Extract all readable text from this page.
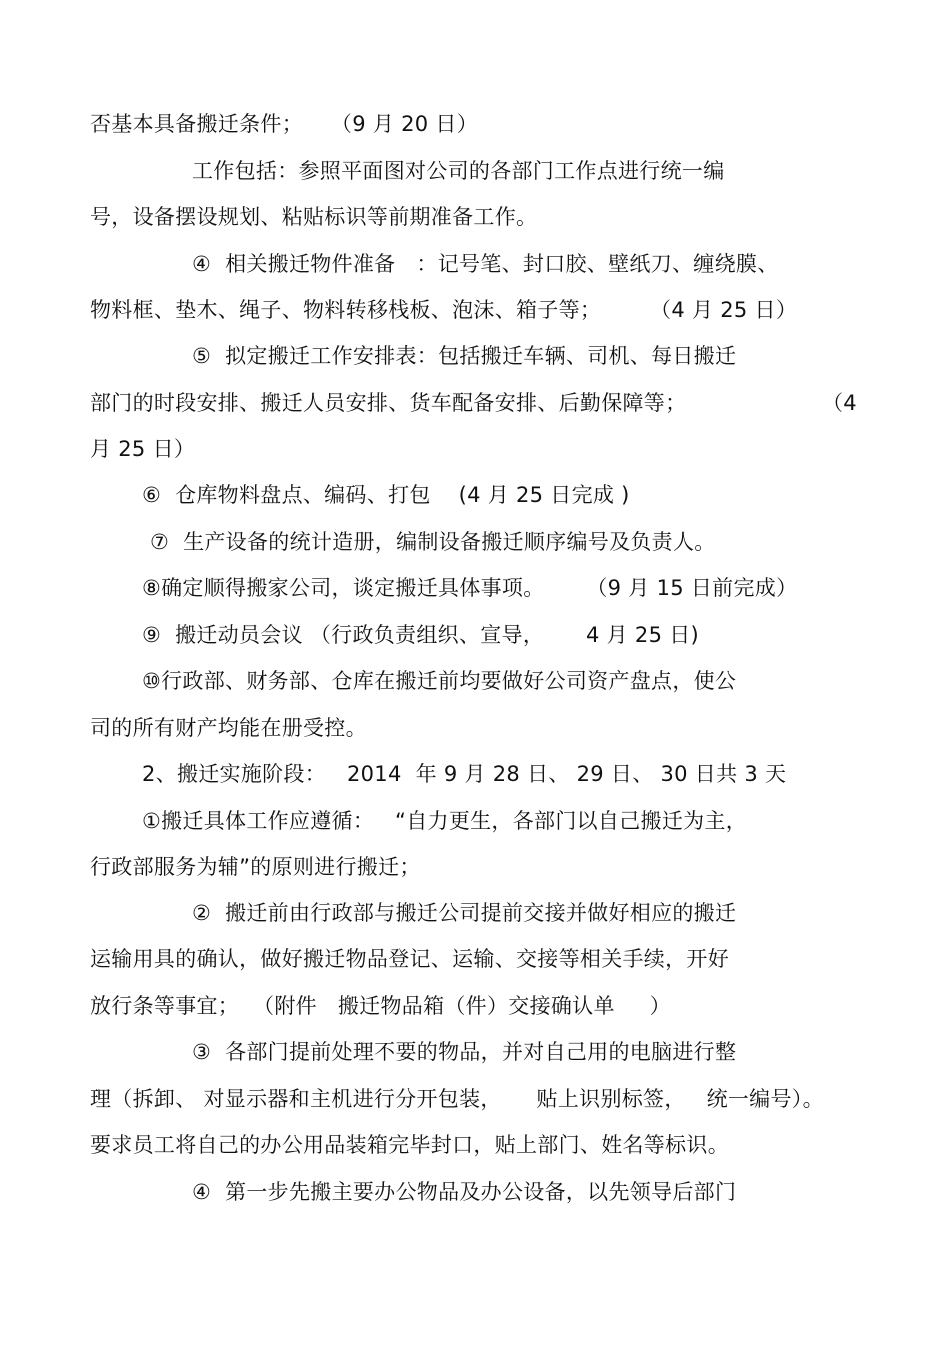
否基本具备搬迁条件；    （9 月 20 日）
工作包括：参照平面图对公司的各部门工作点进行统一编
号，设备摆设规划、粘贴标识等前期准备工作。
④  相关搬迁物件准备   ：记号笔、封口胶、壁纸刀、缠绕膜、
物料框、垫木、绳子、物料转移栈板、泡沫、箱子等；       （4 月 25 日）
⑤  拟定搬迁工作安排表：包括搬迁车辆、司机、每日搬迁
部门的时段安排、搬迁人员安排、货车配备安排、后勤保障等；	（4
月 25 日）
⑥  仓库物料盘点、编码、打包    (4 月 25 日完成 )
⑦  生产设备的统计造册，编制设备搬迁顺序编号及负责人。
⑧确定顺得搬家公司，谈定搬迁具体事项。      （9 月 15 日前完成）
⑨  搬迁动员会议 （行政负责组织、宣导，      4 月 25 日)
⑩行政部、财务部、仓库在搬迁前均要做好公司资产盘点，使公
司的所有财产均能在册受控。
2、搬迁实施阶段：   2014  年 9 月 28 日、 29 日、 30 日共 3 天
①搬迁具体工作应遵循：   “自力更生，各部门以自己搬迁为主，
行政部服务为辅”的原则进行搬迁；
②  搬迁前由行政部与搬迁公司提前交接并做好相应的搬迁
运输用具的确认，做好搬迁物品登记、运输、交接等相关手续，开好
放行条等事宜；  （附件   搬迁物品箱（件）交接确认单     ）
③  各部门提前处理不要的物品，并对自己用的电脑进行整
理（拆卸、 对显示器和主机进行分开包装，     贴上识别标签，   统一编号）。
要求员工将自己的办公用品装箱完毕封口，贴上部门、姓名等标识。
④  第一步先搬主要办公物品及办公设备，以先领导后部门
